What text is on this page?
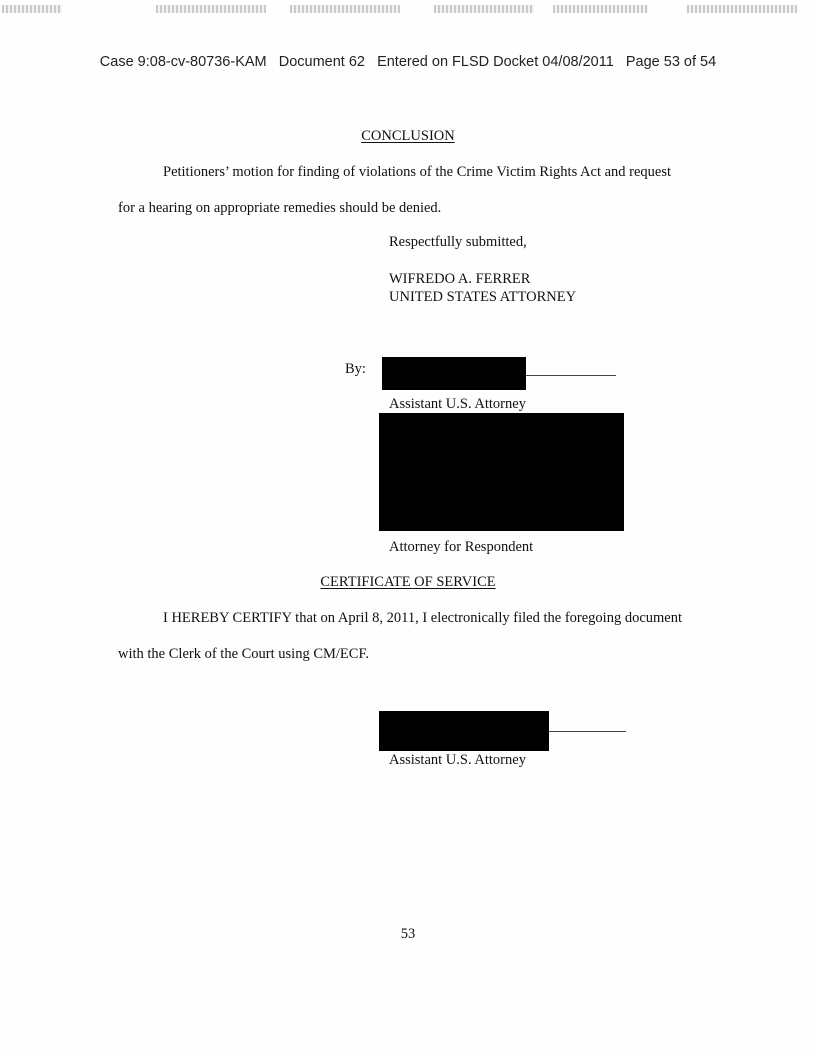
Case 9:08-cv-80736-KAM Document 62 Entered on FLSD Docket 04/08/2011 Page 53 of 54
CONCLUSION
Petitioners’ motion for finding of violations of the Crime Victim Rights Act and request
for a hearing on appropriate remedies should be denied.
Respectfully submitted,
WIFREDO A. FERRER
UNITED STATES ATTORNEY
By:
Assistant U.S. Attorney
Attorney for Respondent
CERTIFICATE OF SERVICE
I HEREBY CERTIFY that on April 8, 2011, I electronically filed the foregoing document
with the Clerk of the Court using CM/ECF.
Assistant U.S. Attorney
53
